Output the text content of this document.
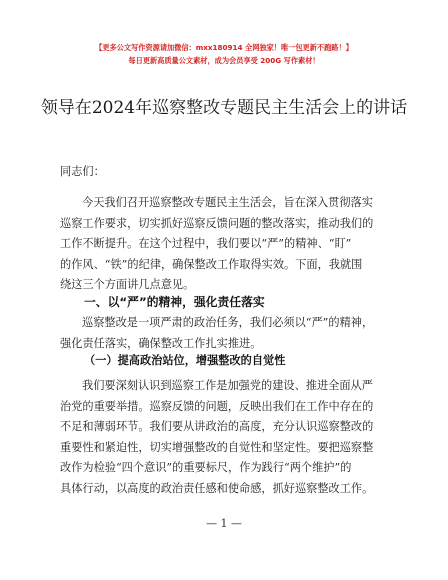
【更多公文写作资源请加微信：mxx180914 全网独家！唯一包更新不跑路！】
每日更新高质量公文素材，成为会员享受 200G 写作素材！
领导在2024年巡察整改专题民主生活会上的讲话
同志们：
今天我们召开巡察整改专题民主生活会，旨在深入贯彻落实
巡察工作要求，切实抓好巡察反馈问题的整改落实，推动我们的
工作不断提升。在这个过程中，我们要以“严”的精神、“盯”
的作风、“铁”的纪律，确保整改工作取得实效。下面，我就围
绕这三个方面讲几点意见。
一、以“严”的精神，强化责任落实
巡察整改是一项严肃的政治任务，我们必须以“严”的精神，
强化责任落实，确保整改工作扎实推进。
（一）提高政治站位，增强整改的自觉性
我们要深刻认识到巡察工作是加强党的建设、推进全面从严
治党的重要举措。巡察反馈的问题，反映出我们在工作中存在的
不足和薄弱环节。我们要从讲政治的高度，充分认识巡察整改的
重要性和紧迫性，切实增强整改的自觉性和坚定性。要把巡察整
改作为检验“四个意识”的重要标尺，作为践行“两个维护”的
具体行动，以高度的政治责任感和使命感，抓好巡察整改工作。
— 1 —
